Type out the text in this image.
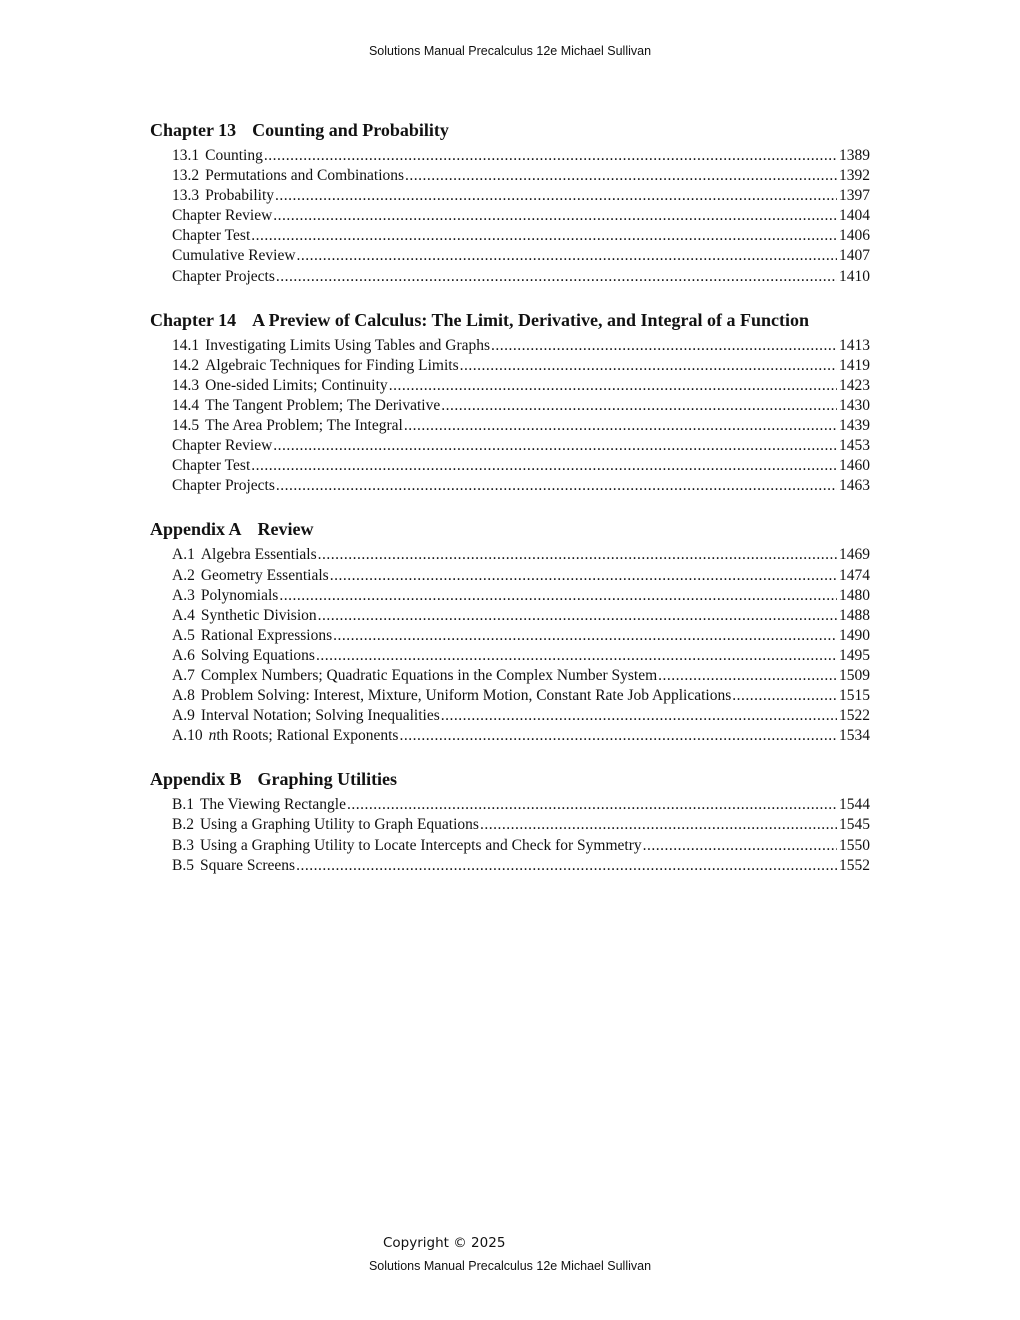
Solutions Manual Precalculus 12e Michael Sullivan
Chapter 13 Counting and Probability
13.1 Counting .....	1389
13.2 Permutations and Combinations .....	1392
13.3 Probability .....	1397
Chapter Review .....	1404
Chapter Test .....	1406
Cumulative Review .....	1407
Chapter Projects .....	1410
Chapter 14 A Preview of Calculus: The Limit, Derivative, and Integral of a Function
14.1 Investigating Limits Using Tables and Graphs .....	1413
14.2 Algebraic Techniques for Finding Limits .....	1419
14.3 One-sided Limits; Continuity .....	1423
14.4 The Tangent Problem; The Derivative .....	1430
14.5 The Area Problem; The Integral .....	1439
Chapter Review .....	1453
Chapter Test .....	1460
Chapter Projects .....	1463
Appendix A Review
A.1 Algebra Essentials .....	1469
A.2 Geometry Essentials .....	1474
A.3 Polynomials .....	1480
A.4 Synthetic Division .....	1488
A.5 Rational Expressions .....	1490
A.6 Solving Equations .....	1495
A.7 Complex Numbers; Quadratic Equations in the Complex Number System .....	1509
A.8 Problem Solving: Interest, Mixture, Uniform Motion, Constant Rate Job Applications .....	1515
A.9 Interval Notation; Solving Inequalities .....	1522
A.10 nth Roots; Rational Exponents .....	1534
Appendix B Graphing Utilities
B.1 The Viewing Rectangle .....	1544
B.2 Using a Graphing Utility to Graph Equations .....	1545
B.3 Using a Graphing Utility to Locate Intercepts and Check for Symmetry .....	1550
B.5 Square Screens .....	1552
Copyright © 2025
Solutions Manual Precalculus 12e Michael Sullivan
